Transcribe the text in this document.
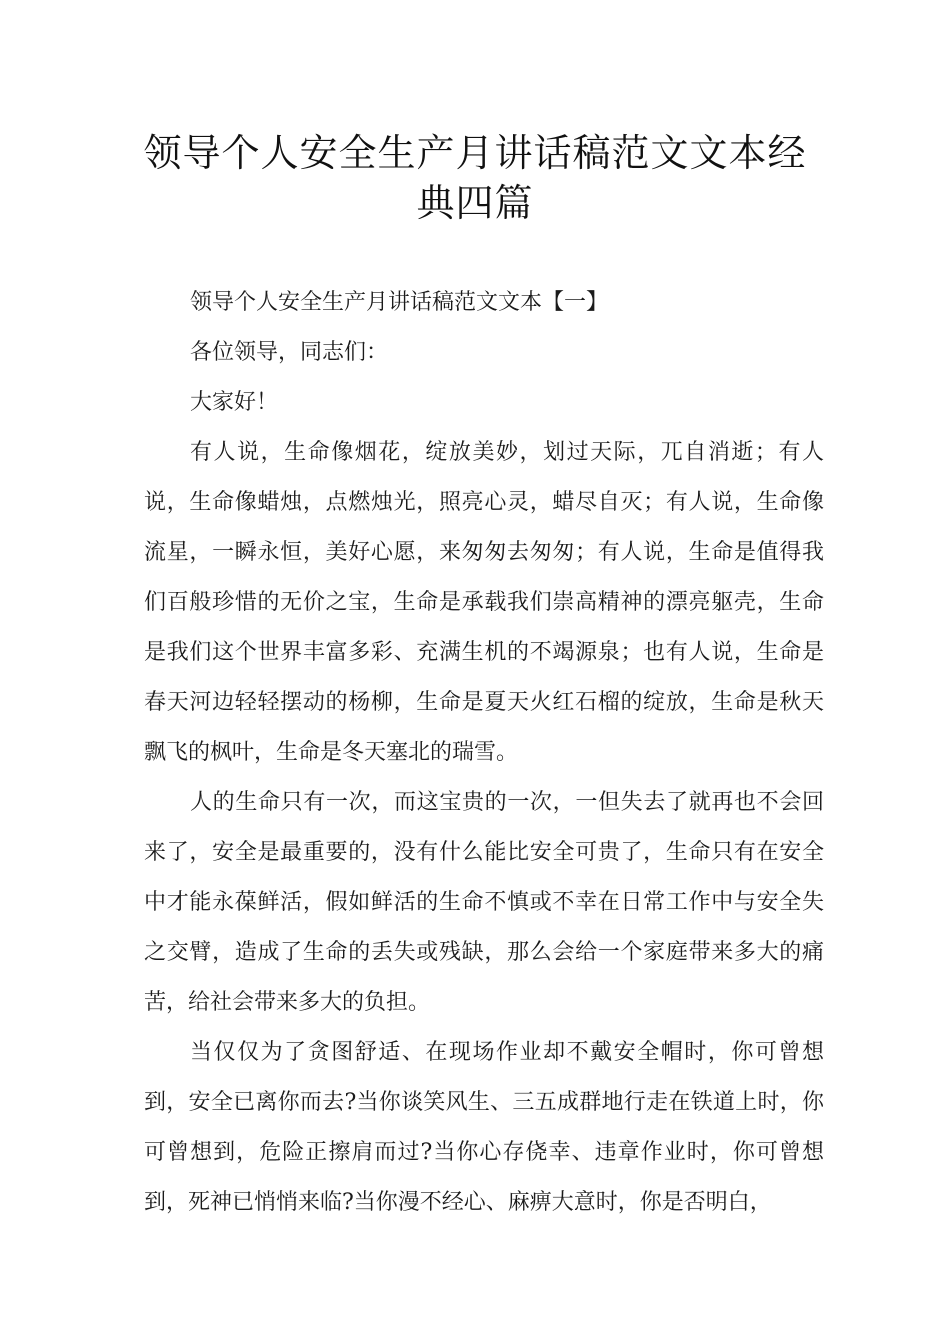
领导个人安全生产月讲话稿范文文本经典四篇

领导个人安全生产月讲话稿范文文本【一】

各位领导，同志们：

大家好！

有人说，生命像烟花，绽放美妙，划过天际，兀自消逝；有人说，生命像蜡烛，点燃烛光，照亮心灵，蜡尽自灭；有人说，生命像流星，一瞬永恒，美好心愿，来匆匆去匆匆；有人说，生命是值得我们百般珍惜的无价之宝，生命是承载我们崇高精神的漂亮躯壳，生命是我们这个世界丰富多彩、充满生机的不竭源泉；也有人说，生命是春天河边轻轻摆动的杨柳，生命是夏天火红石榴的绽放，生命是秋天飘飞的枫叶，生命是冬天塞北的瑞雪。

人的生命只有一次，而这宝贵的一次，一但失去了就再也不会回来了，安全是最重要的，没有什么能比安全可贵了，生命只有在安全中才能永葆鲜活，假如鲜活的生命不慎或不幸在日常工作中与安全失之交臂，造成了生命的丢失或残缺，那么会给一个家庭带来多大的痛苦，给社会带来多大的负担。

当仅仅为了贪图舒适、在现场作业却不戴安全帽时，你可曾想到，安全已离你而去?当你谈笑风生、三五成群地行走在铁道上时，你可曾想到，危险正擦肩而过?当你心存侥幸、违章作业时，你可曾想到，死神已悄悄来临?当你漫不经心、麻痹大意时，你是否明白，
